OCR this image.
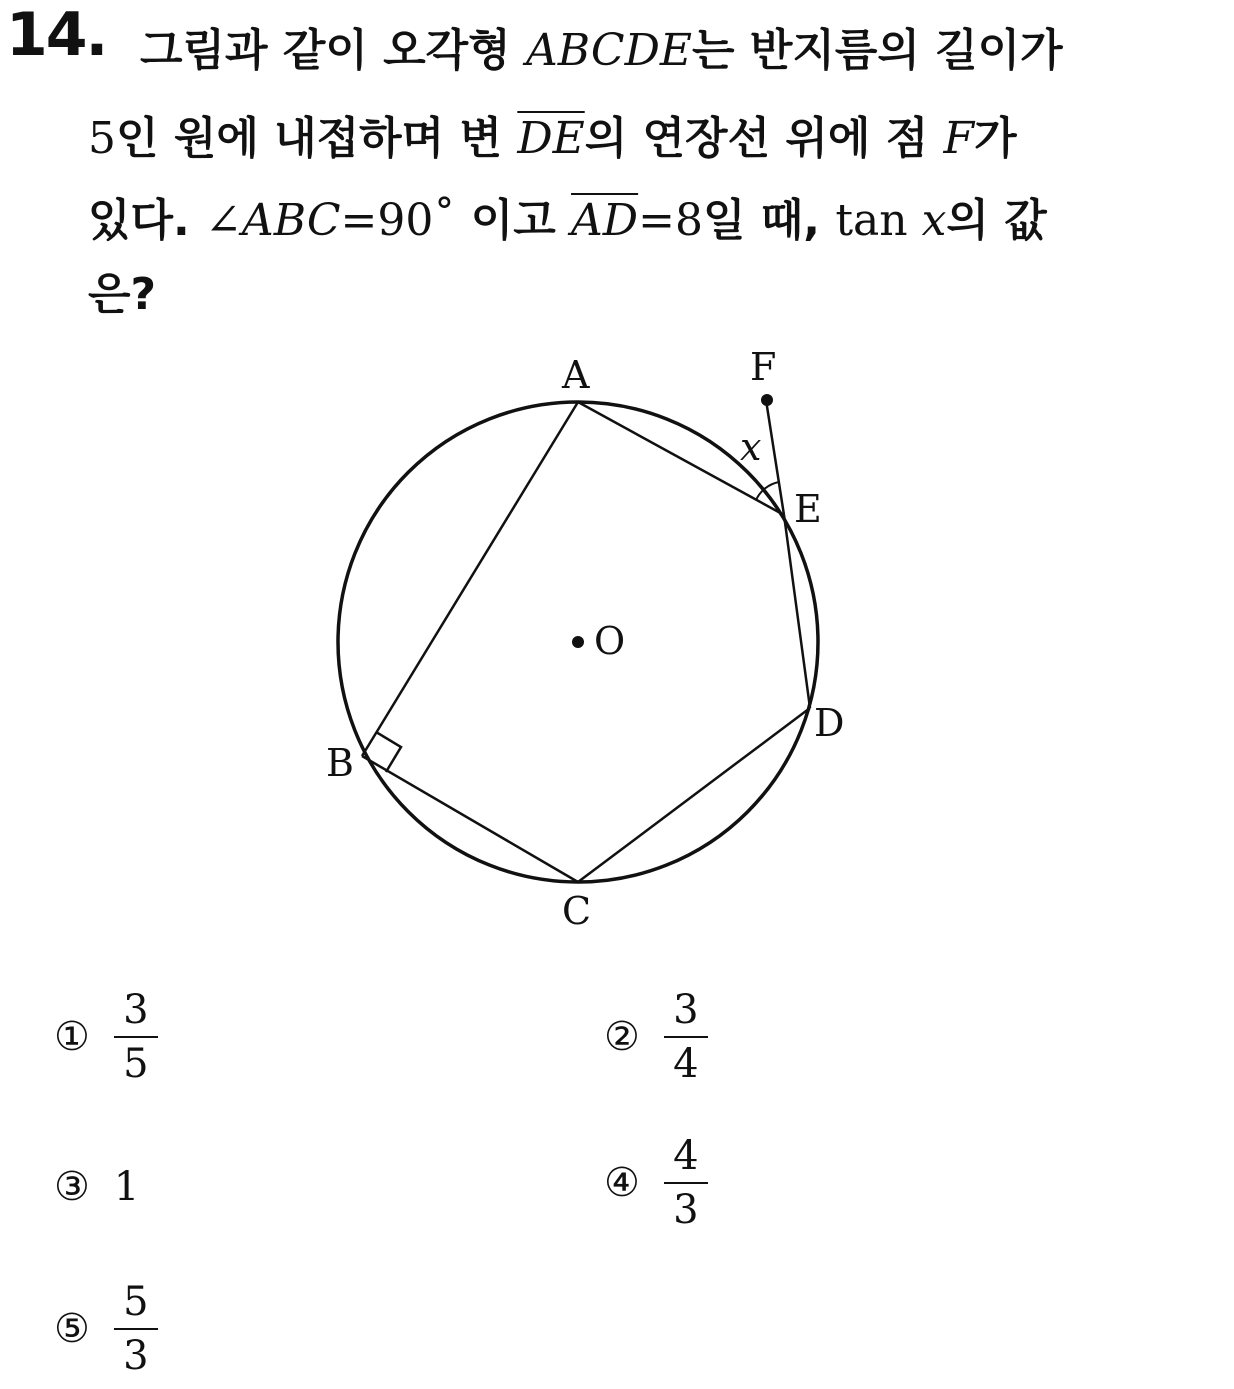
14. 그림과 같이 오각형 ABCDE는 반지름의 길이가
5인 원에 내접하며 변 $\overline{DE}$의 연장선 위에 점 F가
있다. ∠ABC=90˚ 이고 $\overline{AD}=8$일 때, tan x의 값
은?
A	F
E
D
B
C
O
x
① $\frac{3}{5}$	② $\frac{3}{4}$
③ 1	④ $\frac{4}{3}$
⑤ $\frac{5}{3}$
